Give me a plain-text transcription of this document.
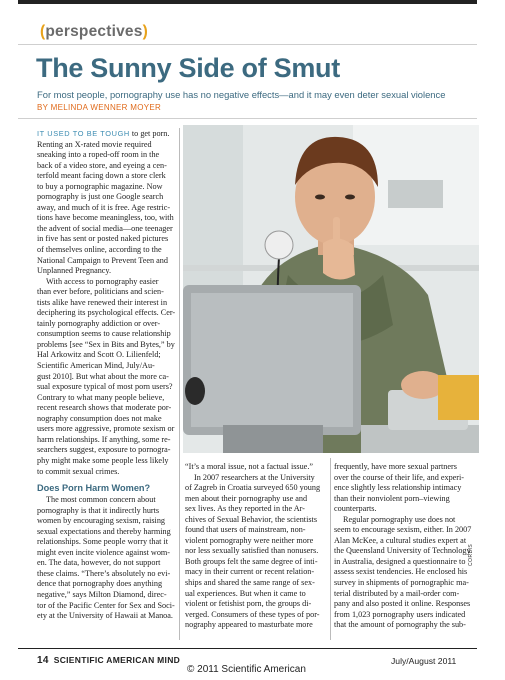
(perspectives)
The Sunny Side of Smut
For most people, pornography use has no negative effects—and it may even deter sexual violence
BY MELINDA WENNER MOYER
IT USED TO BE TOUGH to get porn.
Renting an X-rated movie required
sneaking into a roped-off room in the
back of a video store, and eyeing a cen-
terfold meant facing down a store clerk
to buy a pornographic magazine. Now
pornography is just one Google search
away, and much of it is free. Age restric-
tions have become meaningless, too, with
the advent of social media—one teenager
in five has sent or posted naked pictures
of themselves online, according to the
National Campaign to Prevent Teen and
Unplanned Pregnancy.
With access to pornography easier
than ever before, politicians and scien-
tists alike have renewed their interest in
deciphering its psychological effects. Cer-
tainly pornography addiction or over-
consumption seems to cause relationship
problems [see “Sex in Bits and Bytes,” by
Hal Arkowitz and Scott O. Lilienfeld;
Scientific American Mind, July/Au-
gust 2010]. But what about the more ca-
sual exposure typical of most porn users?
Contrary to what many people believe,
recent research shows that moderate por-
nography consumption does not make
users more aggressive, promote sexism or
harm relationships. If anything, some re-
searchers suggest, exposure to pornogra-
phy might make some people less likely
to commit sexual crimes.
Does Porn Harm Women?
The most common concern about
pornography is that it indirectly hurts
women by encouraging sexism, raising
sexual expectations and thereby harming
relationships. Some people worry that it
might even incite violence against wom-
en. The data, however, do not support
these claims. “There’s absolutely no evi-
dence that pornography does anything
negative,” says Milton Diamond, direc-
tor of the Pacific Center for Sex and Soci-
ety at the University of Hawaii at Manoa.
“It’s a moral issue, not a factual issue.”
In 2007 researchers at the University
of Zagreb in Croatia surveyed 650 young
men about their pornography use and
sex lives. As they reported in the Ar-
chives of Sexual Behavior, the scientists
found that users of mainstream, non-
violent pornography were neither more
nor less sexually satisfied than nonusers.
Both groups felt the same degree of inti-
macy in their current or recent relation-
ships and shared the same range of sex-
ual experiences. But when it came to
violent or fetishist porn, the groups di-
verged. Consumers of these types of por-
nography appeared to masturbate more
frequently, have more sexual partners
over the course of their life, and experi-
ence slightly less relationship intimacy
than their nonviolent porn–viewing
counterparts.
Regular pornography use does not
seem to encourage sexism, either. In 2007
Alan McKee, a cultural studies expert at
the Queensland University of Technology
in Australia, designed a questionnaire to
assess sexist tendencies. He enclosed his
survey in shipments of pornographic ma-
terial distributed by a mail-order com-
pany and also posted it online. Responses
from 1,023 pornography users indicated
that the amount of pornography the sub-
CORBIS
14 SCIENTIFIC AMERICAN MIND	July/August 2011
© 2011 Scientific American
